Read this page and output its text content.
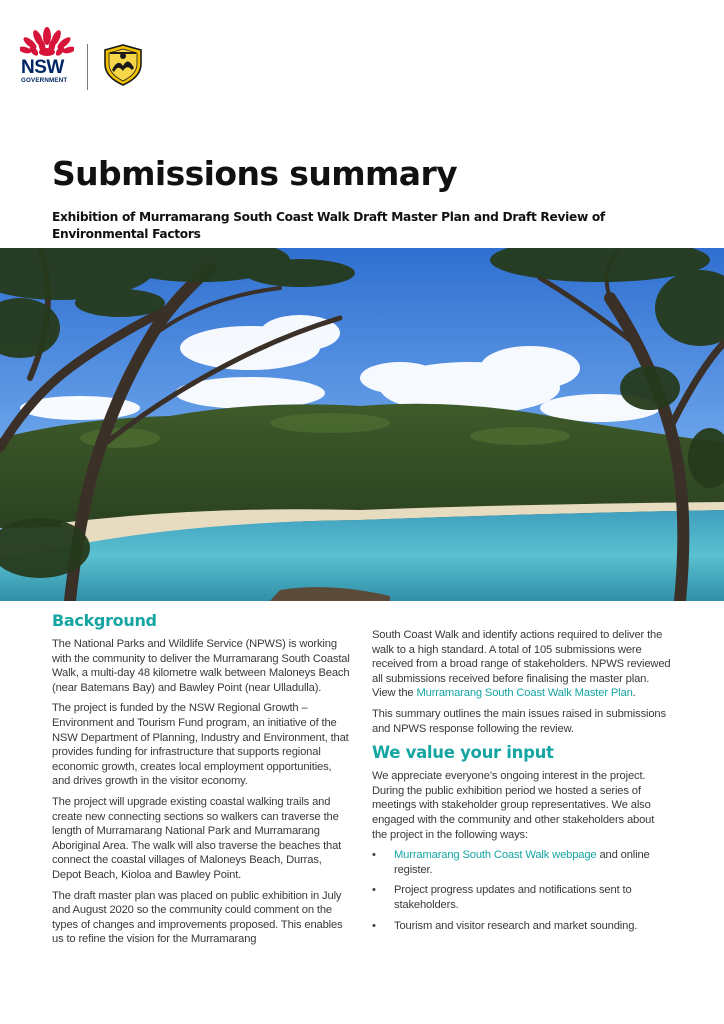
NSW
GOVERNMENT
Submissions summary

Exhibition of Murramarang South Coast Walk Draft Master Plan and Draft Review of Environmental Factors

Background

The National Parks and Wildlife Service (NPWS) is working with the community to deliver the Murramarang South Coastal Walk, a multi-day 48 kilometre walk between Maloneys Beach (near Batemans Bay) and Bawley Point (near Ulladulla).

The project is funded by the NSW Regional Growth – Environment and Tourism Fund program, an initiative of the NSW Department of Planning, Industry and Environment, that provides funding for infrastructure that supports regional economic growth, creates local employment opportunities, and drives growth in the visitor economy.

The project will upgrade existing coastal walking trails and create new connecting sections so walkers can traverse the length of Murramarang National Park and Murramarang Aboriginal Area. The walk will also traverse the beaches that connect the coastal villages of Maloneys Beach, Durras, Depot Beach, Kioloa and Bawley Point.

The draft master plan was placed on public exhibition in July and August 2020 so the community could comment on the types of changes and improvements proposed. This enables us to refine the vision for the Murramarang

South Coast Walk and identify actions required to deliver the walk to a high standard. A total of 105 submissions were received from a broad range of stakeholders. NPWS reviewed all submissions received before finalising the master plan. View the Murramarang South Coast Walk Master Plan.

This summary outlines the main issues raised in submissions and NPWS response following the review.

We value your input

We appreciate everyone’s ongoing interest in the project. During the public exhibition period we hosted a series of meetings with stakeholder group representatives. We also engaged with the community and other stakeholders about the project in the following ways:

• Murramarang South Coast Walk webpage and online register.
• Project progress updates and notifications sent to stakeholders.
• Tourism and visitor research and market sounding.
